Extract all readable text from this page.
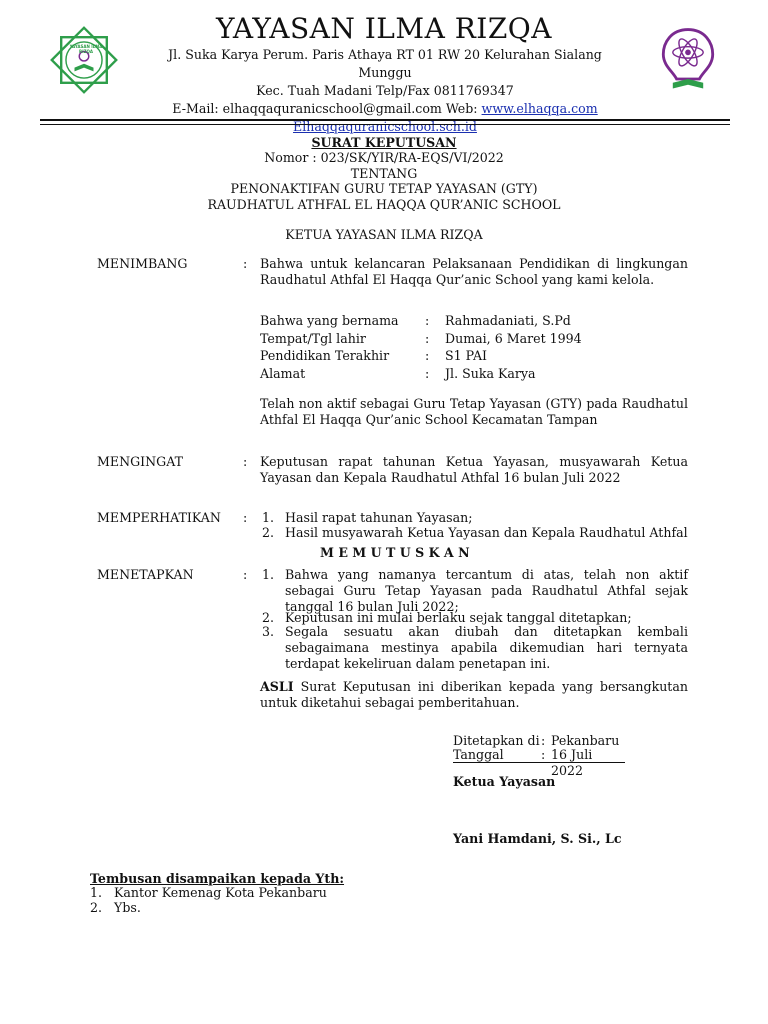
YAYASAN ILMA RIZQA
YAYASAN ILMA RIZQA
Jl. Suka Karya Perum. Paris Athaya RT 01 RW 20 Kelurahan Sialang Munggu
Kec. Tuah Madani Telp/Fax 0811769347
E-Mail: elhaqqaquranicschool@gmail.com Web: www.elhaqqa.com
Elhaqqaquranicschool.sch.id
SURAT KEPUTUSAN
Nomor : 023/SK/YIR/RA-EQS/VI/2022
TENTANG
PENONAKTIFAN GURU TETAP YAYASAN (GTY)
RAUDHATUL ATHFAL EL HAQQA QUR’ANIC SCHOOL
KETUA YAYASAN ILMA RIZQA
MENIMBANG	: Bahwa untuk kelancaran Pelaksanaan Pendidikan di lingkungan Raudhatul Athfal El Haqqa Qur’anic School yang kami kelola.
Bahwa yang bernama : Rahmadaniati, S.Pd
Tempat/Tgl lahir	: Dumai, 6 Maret 1994
Pendidikan Terakhir	: S1 PAI
Alamat	: Jl. Suka Karya
Telah non aktif sebagai Guru Tetap Yayasan (GTY) pada Raudhatul Athfal El Haqqa Qur’anic School Kecamatan Tampan
MENGINGAT	: Keputusan rapat tahunan Ketua Yayasan, musyawarah Ketua Yayasan dan Kepala Raudhatul Athfal 16 bulan Juli 2022
MEMPERHATIKAN : 1. Hasil rapat tahunan Yayasan;
2. Hasil musyawarah Ketua Yayasan dan Kepala Raudhatul Athfal
M E M U T U S K A N
MENETAPKAN	: 1. Bahwa yang namanya tercantum di atas, telah non aktif sebagai Guru Tetap Yayasan pada Raudhatul Athfal sejak tanggal 16 bulan Juli 2022;
2. Keputusan ini mulai berlaku sejak tanggal ditetapkan;
3. Segala sesuatu akan diubah dan ditetapkan kembali sebagaimana mestinya apabila dikemudian hari ternyata terdapat kekeliruan dalam penetapan ini.
ASLI Surat Keputusan ini diberikan kepada yang bersangkutan untuk diketahui sebagai pemberitahuan.
Ditetapkan di : Pekanbaru
Tanggal	: 16 Juli 2022
Ketua Yayasan
Yani Hamdani, S. Si., Lc
Tembusan disampaikan kepada Yth:
1. Kantor Kemenag Kota Pekanbaru
2. Ybs.
